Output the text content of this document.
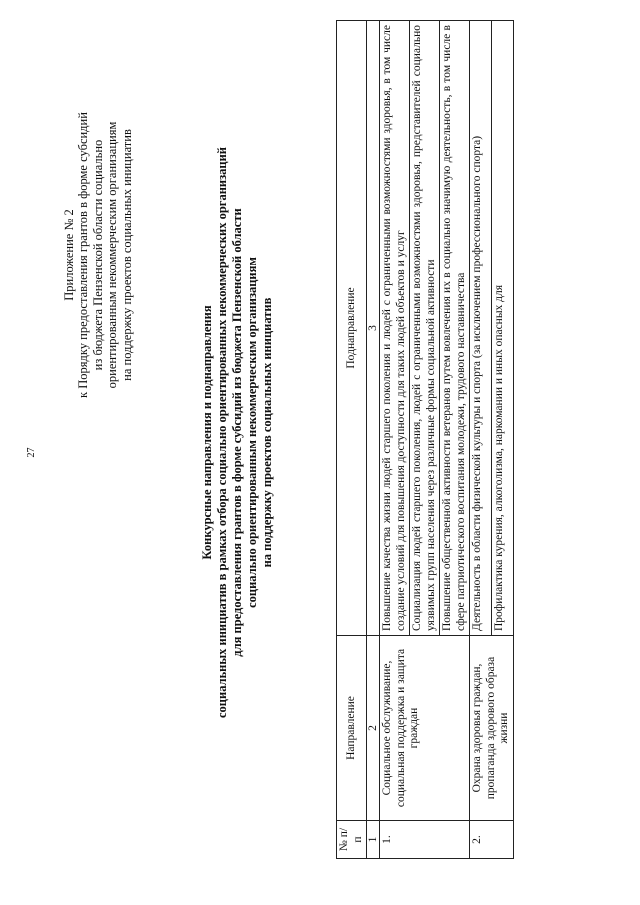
27
Приложение № 2 к Порядку предоставления грантов в форме субсидий из бюджета Пензенской области социально ориентированным некоммерческим организациям на поддержку проектов социальных инициатив
Конкурсные направления и поднаправления социальных инициатив в рамках отбора социально ориентированных некоммерческих организаций для предоставления грантов в форме субсидий из бюджета Пензенской области социально ориентированным некоммерческим организациям на поддержку проектов социальных инициатив
№ п/п	Направление	Поднаправление
1	2	3
1.	Социальное обслуживание, социальная поддержка и защита граждан	Повышение качества жизни людей старшего поколения и людей с ограниченными возможностями здоровья, в том числе создание условий для повышения доступности для таких людей объектов и услуг
		Социализация людей старшего поколения, людей с ограниченными возможностями здоровья, представителей социально уязвимых групп населения через различные формы социальной активности
		Повышение общественной активности ветеранов путем вовлечения их в социально значимую деятельность, в том числе в сфере патриотического воспитания молодежи, трудового наставничества
2.	Охрана здоровья граждан, пропаганда здорового образа жизни	Деятельность в области физической культуры и спорта (за исключением профессионального спорта)
		Профилактика курения, алкоголизма, наркомании и иных опасных для
